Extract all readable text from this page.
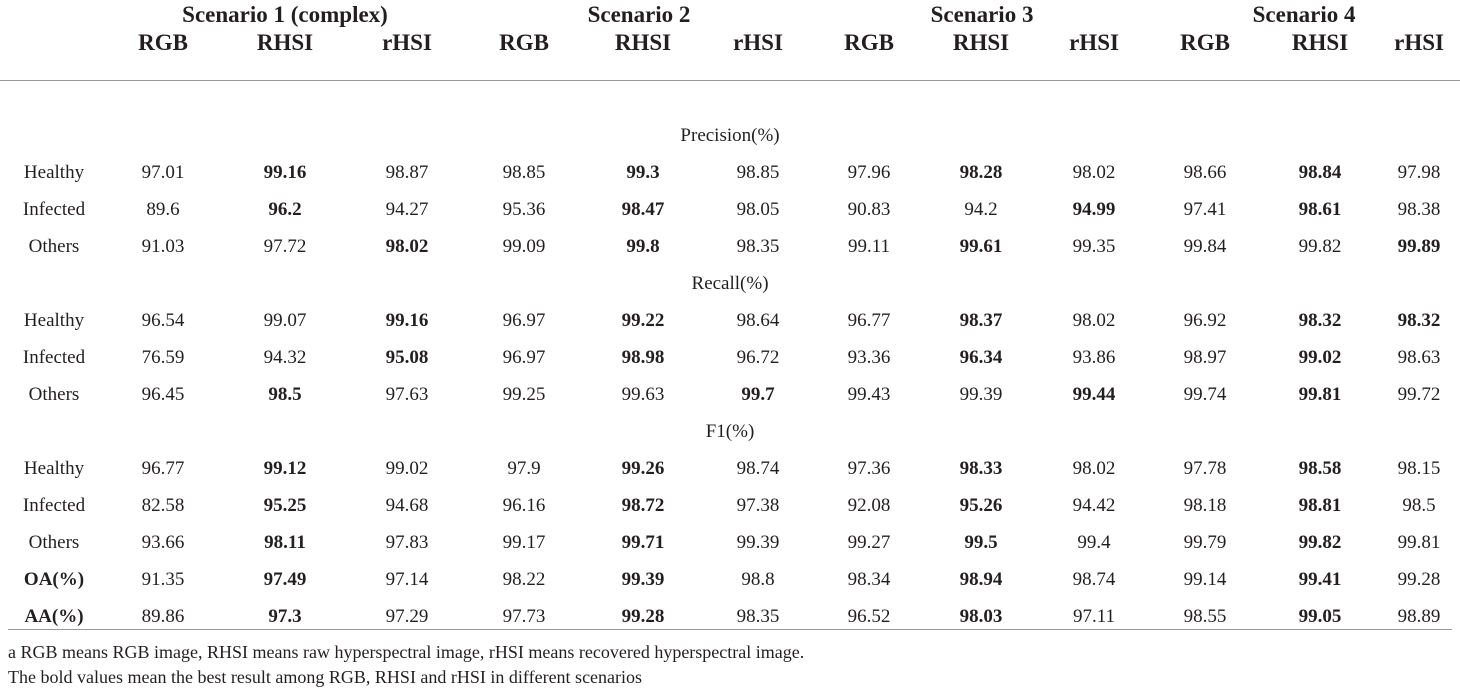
	Scenario 1 (complex)			Scenario 2			Scenario 3			Scenario 4		
	RGB	RHSI	rHSI	RGB	RHSI	rHSI	RGB	RHSI	rHSI	RGB	RHSI	rHSI

Precision(%)												
Healthy	97.01	99.16	98.87	98.85	99.3	98.85	97.96	98.28	98.02	98.66	98.84	97.98
Infected	89.6	96.2	94.27	95.36	98.47	98.05	90.83	94.2	94.99	97.41	98.61	98.38
Others	91.03	97.72	98.02	99.09	99.8	98.35	99.11	99.61	99.35	99.84	99.82	99.89
Recall(%)												
Healthy	96.54	99.07	99.16	96.97	99.22	98.64	96.77	98.37	98.02	96.92	98.32	98.32
Infected	76.59	94.32	95.08	96.97	98.98	96.72	93.36	96.34	93.86	98.97	99.02	98.63
Others	96.45	98.5	97.63	99.25	99.63	99.7	99.43	99.39	99.44	99.74	99.81	99.72
F1(%)												
Healthy	96.77	99.12	99.02	97.9	99.26	98.74	97.36	98.33	98.02	97.78	98.58	98.15
Infected	82.58	95.25	94.68	96.16	98.72	97.38	92.08	95.26	94.42	98.18	98.81	98.5
Others	93.66	98.11	97.83	99.17	99.71	99.39	99.27	99.5	99.4	99.79	99.82	99.81
OA(%)	91.35	97.49	97.14	98.22	99.39	98.8	98.34	98.94	98.74	99.14	99.41	99.28
AA(%)	89.86	97.3	97.29	97.73	99.28	98.35	96.52	98.03	97.11	98.55	99.05	98.89
a RGB means RGB image, RHSI means raw hyperspectral image, rHSI means recovered hyperspectral image.
The bold values mean the best result among RGB, RHSI and rHSI in different scenarios
